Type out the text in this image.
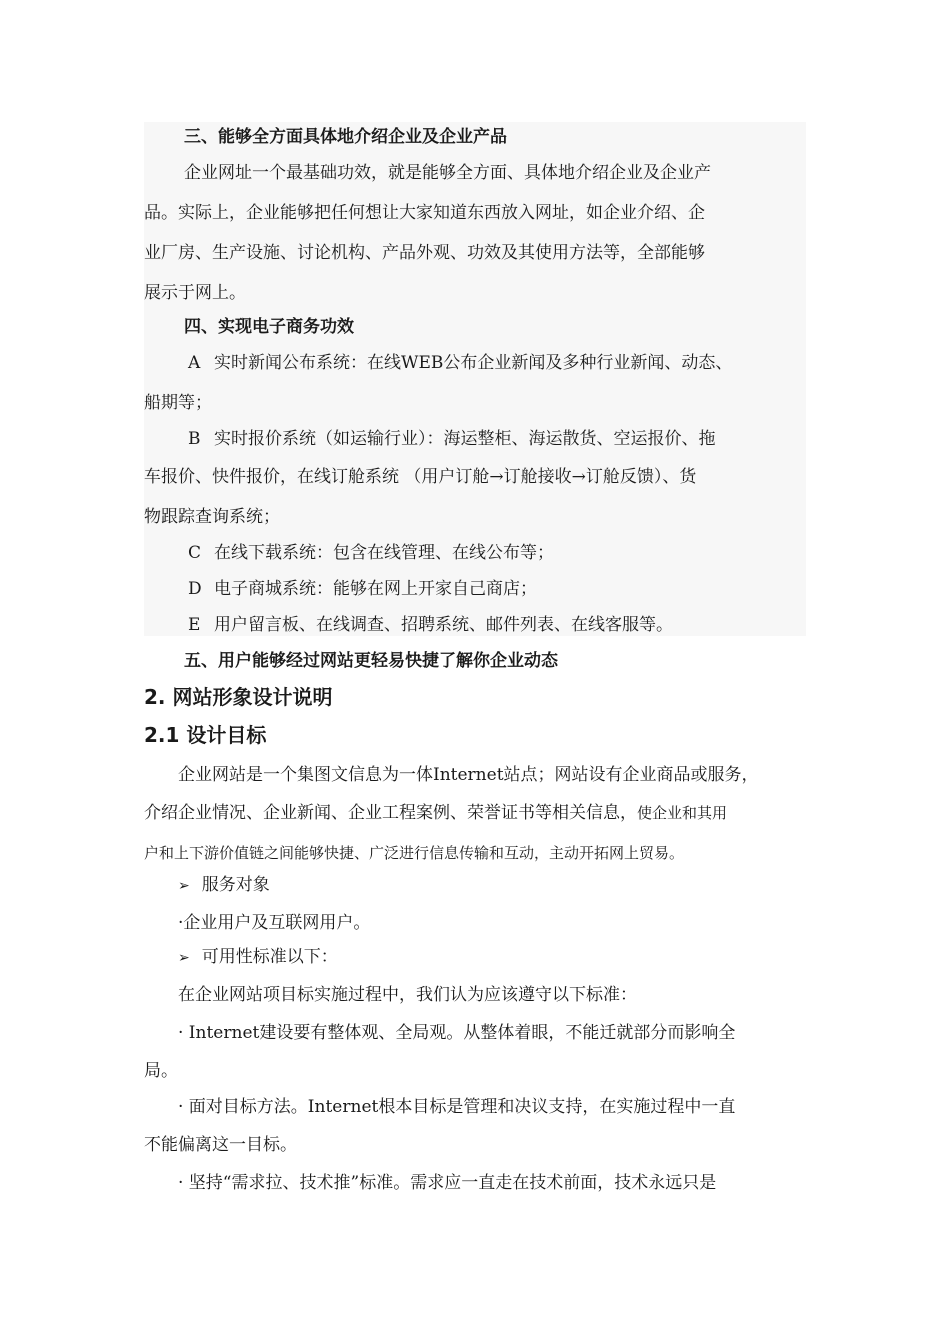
三、能够全方面具体地介绍企业及企业产品
企业网址一个最基础功效，就是能够全方面、具体地介绍企业及企业产
品。实际上，企业能够把任何想让大家知道东西放入网址，如企业介绍、企
业厂房、生产设施、讨论机构、产品外观、功效及其使用方法等，全部能够
展示于网上。
四、实现电子商务功效
A 实时新闻公布系统：在线WEB公布企业新闻及多种行业新闻、动态、
船期等；
B 实时报价系统（如运输行业）：海运整柜、海运散货、空运报价、拖
车报价、快件报价，在线订舱系统 （用户订舱→订舱接收→订舱反馈）、货
物跟踪查询系统；
C 在线下载系统：包含在线管理、在线公布等；
D 电子商城系统：能够在网上开家自己商店；
E 用户留言板、在线调查、招聘系统、邮件列表、在线客服等。
五、用户能够经过网站更轻易快捷了解你企业动态
2. 网站形象设计说明
2.1 设计目标
企业网站是一个集图文信息为一体Internet站点；网站设有企业商品或服务，
介绍企业情况、企业新闻、企业工程案例、荣誉证书等相关信息，使企业和其用
户和上下游价值链之间能够快捷、广泛进行信息传输和互动，主动开拓网上贸易。
➢ 服务对象
·企业用户及互联网用户。
➢ 可用性标准以下：
在企业网站项目标实施过程中，我们认为应该遵守以下标准：
· Internet建设要有整体观、全局观。从整体着眼，不能迁就部分而影响全
局。
· 面对目标方法。Internet根本目标是管理和决议支持，在实施过程中一直
不能偏离这一目标。
· 坚持“需求拉、技术推”标准。需求应一直走在技术前面，技术永远只是
